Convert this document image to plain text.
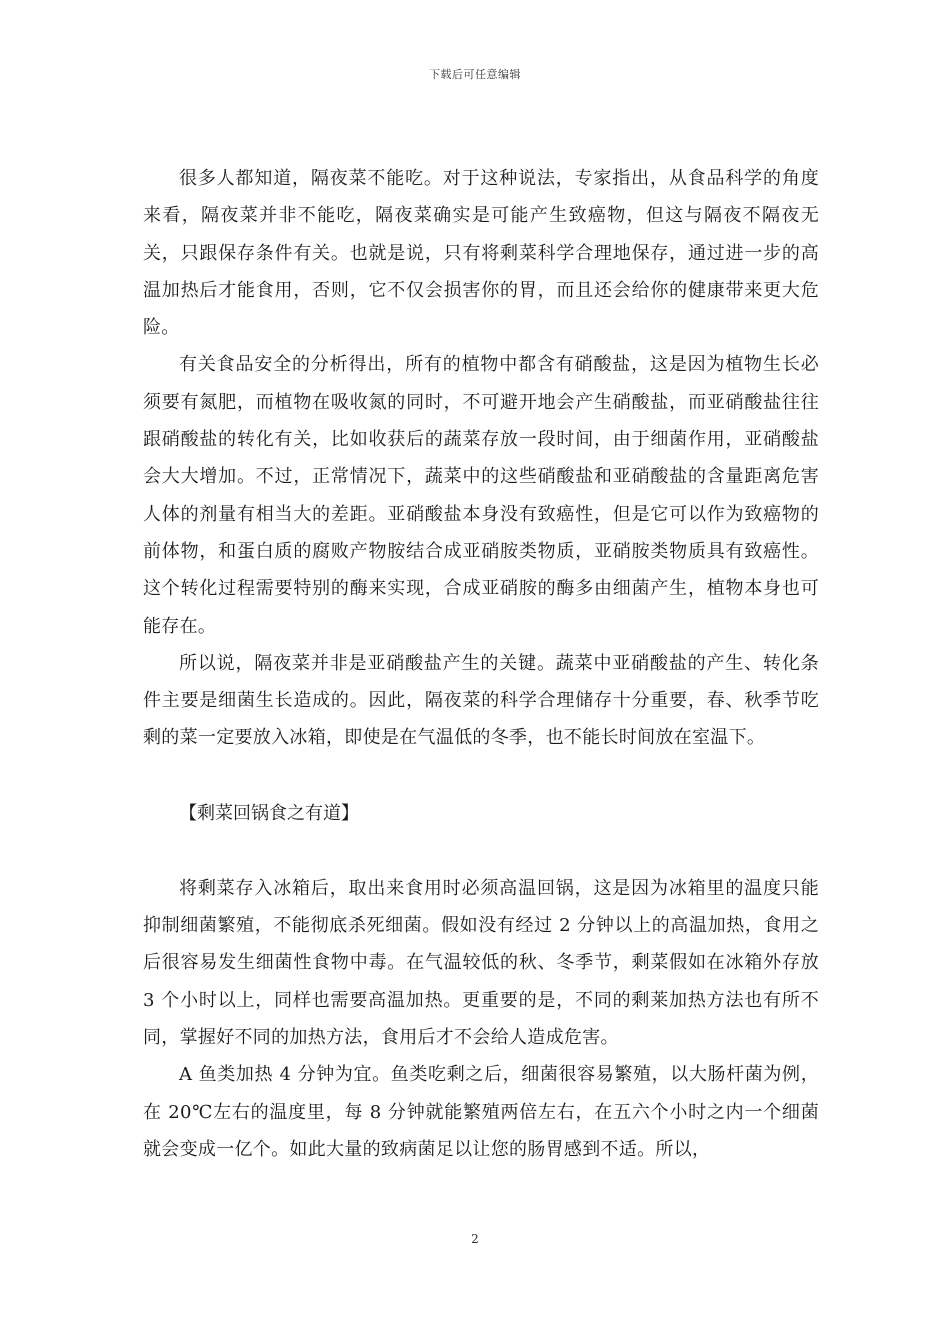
下载后可任意编辑

很多人都知道，隔夜菜不能吃。对于这种说法，专家指出，从食品科学的角度来看，隔夜菜并非不能吃，隔夜菜确实是可能产生致癌物，但这与隔夜不隔夜无关，只跟保存条件有关。也就是说，只有将剩菜科学合理地保存，通过进一步的高温加热后才能食用，否则，它不仅会损害你的胃，而且还会给你的健康带来更大危险。

有关食品安全的分析得出，所有的植物中都含有硝酸盐，这是因为植物生长必须要有氮肥，而植物在吸收氮的同时，不可避开地会产生硝酸盐，而亚硝酸盐往往跟硝酸盐的转化有关，比如收获后的蔬菜存放一段时间，由于细菌作用，亚硝酸盐会大大增加。不过，正常情况下，蔬菜中的这些硝酸盐和亚硝酸盐的含量距离危害人体的剂量有相当大的差距。亚硝酸盐本身没有致癌性，但是它可以作为致癌物的前体物，和蛋白质的腐败产物胺结合成亚硝胺类物质，亚硝胺类物质具有致癌性。这个转化过程需要特别的酶来实现，合成亚硝胺的酶多由细菌产生，植物本身也可能存在。

所以说，隔夜菜并非是亚硝酸盐产生的关键。蔬菜中亚硝酸盐的产生、转化条件主要是细菌生长造成的。因此，隔夜菜的科学合理储存十分重要，春、秋季节吃剩的菜一定要放入冰箱，即使是在气温低的冬季，也不能长时间放在室温下。

【剩菜回锅食之有道】

将剩菜存入冰箱后，取出来食用时必须高温回锅，这是因为冰箱里的温度只能抑制细菌繁殖，不能彻底杀死细菌。假如没有经过 2 分钟以上的高温加热，食用之后很容易发生细菌性食物中毒。在气温较低的秋、冬季节，剩菜假如在冰箱外存放 3 个小时以上，同样也需要高温加热。更重要的是，不同的剩莱加热方法也有所不同，掌握好不同的加热方法，食用后才不会给人造成危害。

A 鱼类加热 4 分钟为宜。鱼类吃剩之后，细菌很容易繁殖，以大肠杆菌为例，在 20℃左右的温度里，每 8 分钟就能繁殖两倍左右，在五六个小时之内一个细菌就会变成一亿个。如此大量的致病菌足以让您的肠胃感到不适。所以，

2
